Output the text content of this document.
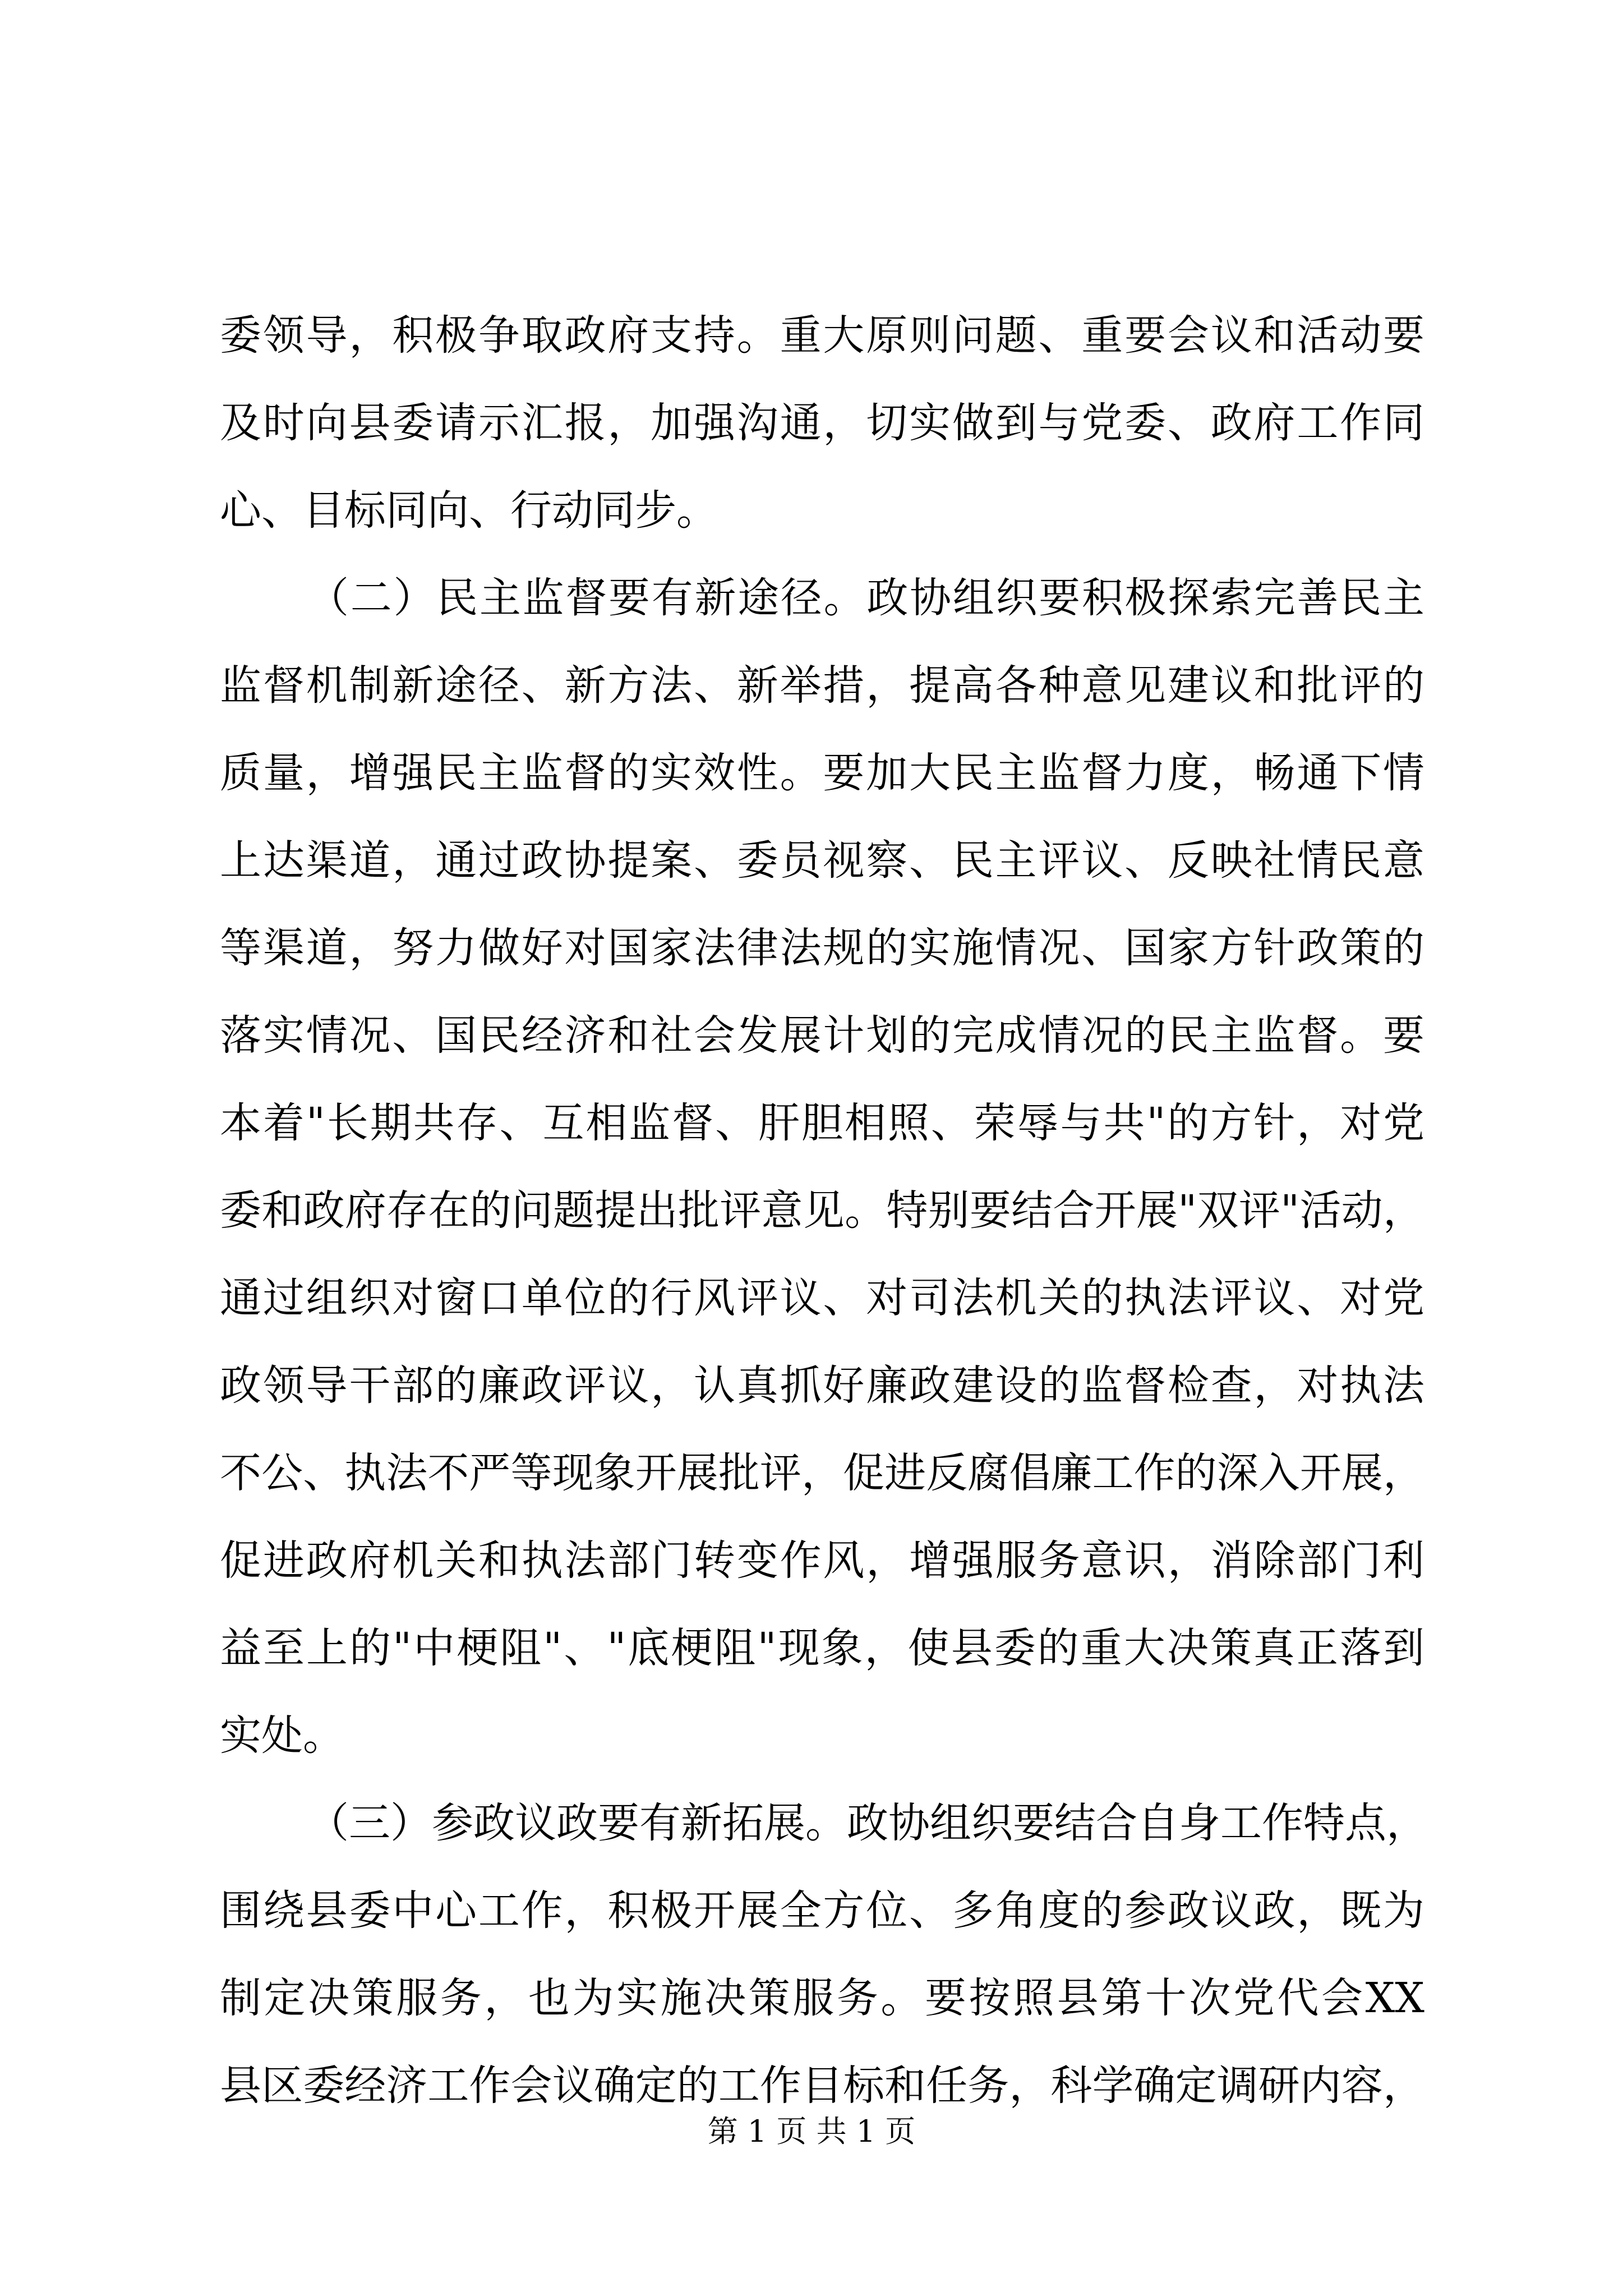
委领导，积极争取政府支持。重大原则问题、重要会议和活动要
及时向县委请示汇报，加强沟通，切实做到与党委、政府工作同
心、目标同向、行动同步。
（二）民主监督要有新途径。政协组织要积极探索完善民主
监督机制新途径、新方法、新举措，提高各种意见建议和批评的
质量，增强民主监督的实效性。要加大民主监督力度，畅通下情
上达渠道，通过政协提案、委员视察、民主评议、反映社情民意
等渠道，努力做好对国家法律法规的实施情况、国家方针政策的
落实情况、国民经济和社会发展计划的完成情况的民主监督。要
本着"长期共存、互相监督、肝胆相照、荣辱与共"的方针，对党
委和政府存在的问题提出批评意见。特别要结合开展"双评"活动，
通过组织对窗口单位的行风评议、对司法机关的执法评议、对党
政领导干部的廉政评议，认真抓好廉政建设的监督检查，对执法
不公、执法不严等现象开展批评，促进反腐倡廉工作的深入开展，
促进政府机关和执法部门转变作风，增强服务意识，消除部门利
益至上的"中梗阻"、"底梗阻"现象，使县委的重大决策真正落到
实处。
（三）参政议政要有新拓展。政协组织要结合自身工作特点，
围绕县委中心工作，积极开展全方位、多角度的参政议政，既为
制定决策服务，也为实施决策服务。要按照县第十次党代会XX
县区委经济工作会议确定的工作目标和任务，科学确定调研内容，
第 1 页 共 1 页
